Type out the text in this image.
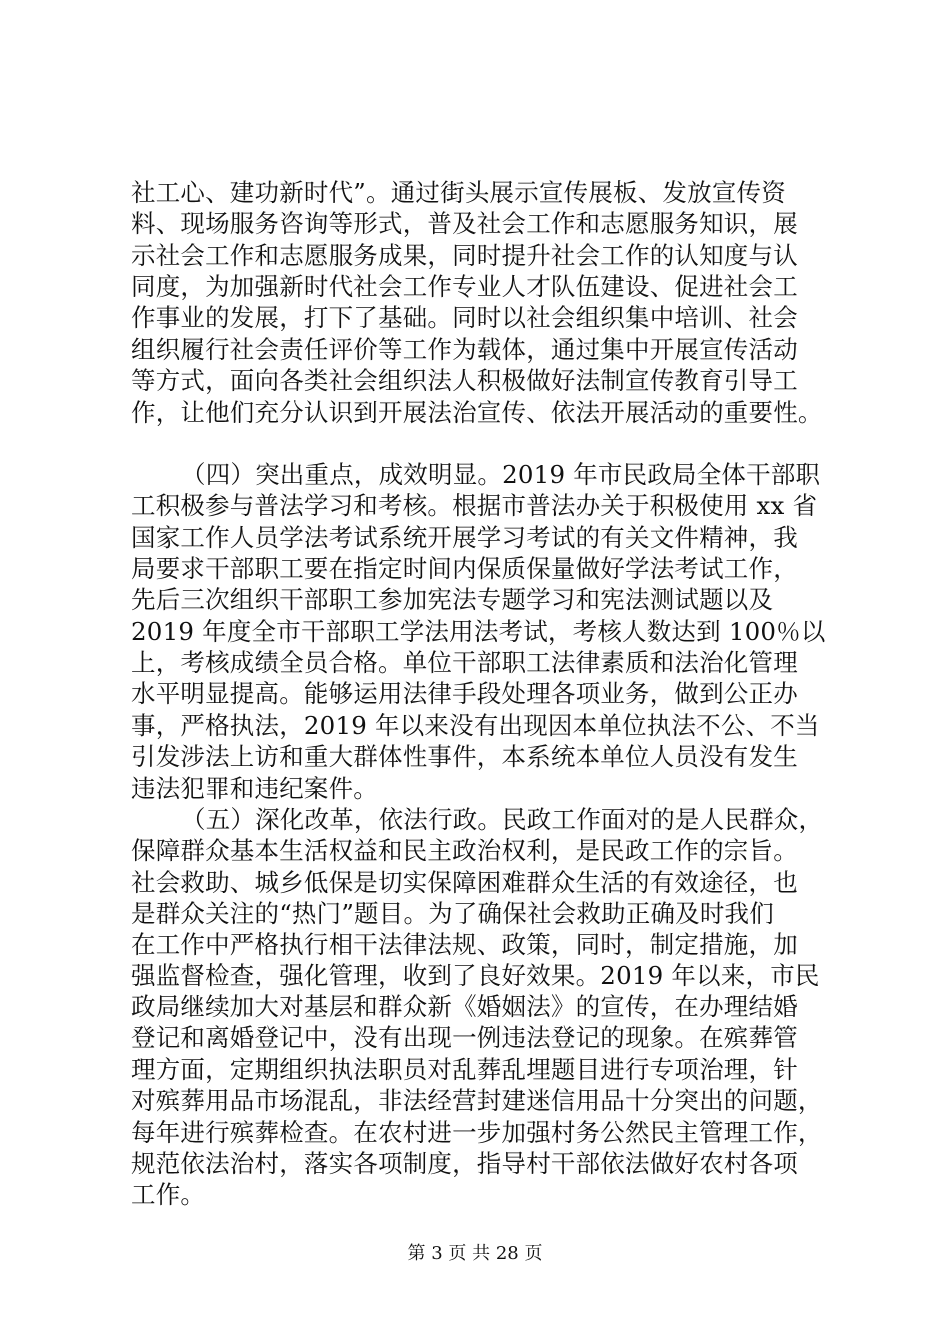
社工心、建功新时代”。通过街头展示宣传展板、发放宣传资
料、现场服务咨询等形式，普及社会工作和志愿服务知识，展
示社会工作和志愿服务成果，同时提升社会工作的认知度与认
同度，为加强新时代社会工作专业人才队伍建设、促进社会工
作事业的发展，打下了基础。同时以社会组织集中培训、社会
组织履行社会责任评价等工作为载体，通过集中开展宣传活动
等方式，面向各类社会组织法人积极做好法制宣传教育引导工
作，让他们充分认识到开展法治宣传、依法开展活动的重要性。
（四）突出重点，成效明显。2019 年市民政局全体干部职
工积极参与普法学习和考核。根据市普法办关于积极使用 xx 省
国家工作人员学法考试系统开展学习考试的有关文件精神，我
局要求干部职工要在指定时间内保质保量做好学法考试工作，
先后三次组织干部职工参加宪法专题学习和宪法测试题以及
2019 年度全市干部职工学法用法考试，考核人数达到 100％以
上，考核成绩全员合格。单位干部职工法律素质和法治化管理
水平明显提高。能够运用法律手段处理各项业务，做到公正办
事，严格执法，2019 年以来没有出现因本单位执法不公、不当
引发涉法上访和重大群体性事件，本系统本单位人员没有发生
违法犯罪和违纪案件。
（五）深化改革，依法行政。民政工作面对的是人民群众，
保障群众基本生活权益和民主政治权利，是民政工作的宗旨。
社会救助、城乡低保是切实保障困难群众生活的有效途径，也
是群众关注的“热门”题目。为了确保社会救助正确及时我们
在工作中严格执行相干法律法规、政策，同时，制定措施，加
强监督检查，强化管理，收到了良好效果。2019 年以来，市民
政局继续加大对基层和群众新《婚姻法》的宣传，在办理结婚
登记和离婚登记中，没有出现一例违法登记的现象。在殡葬管
理方面，定期组织执法职员对乱葬乱埋题目进行专项治理，针
对殡葬用品市场混乱，非法经营封建迷信用品十分突出的问题，
每年进行殡葬检查。在农村进一步加强村务公然民主管理工作，
规范依法治村，落实各项制度，指导村干部依法做好农村各项
工作。
第 3 页 共 28 页
